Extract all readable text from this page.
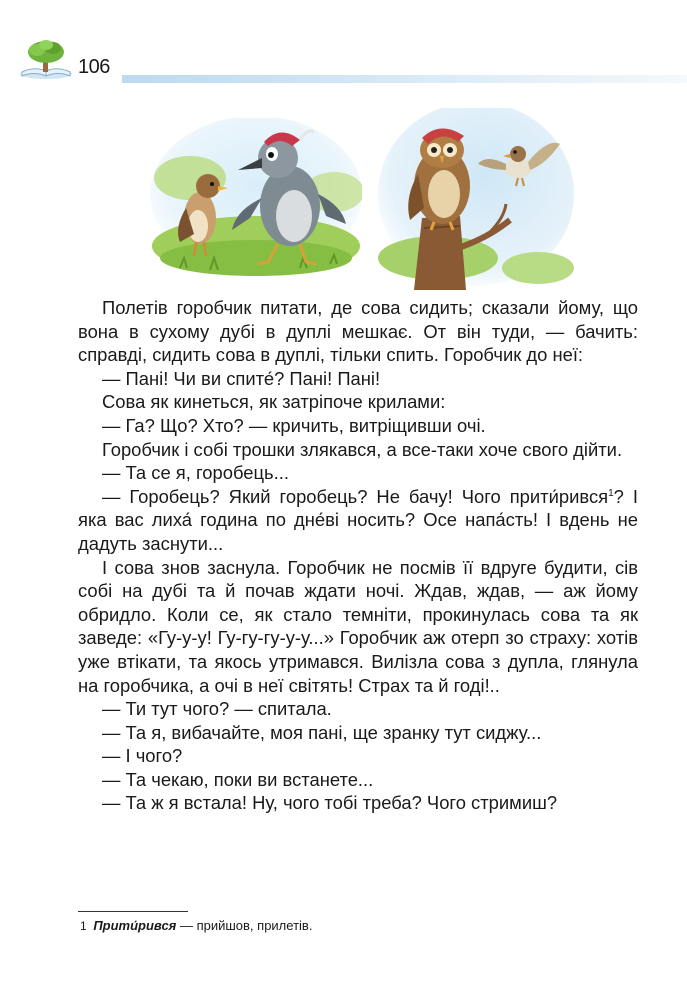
106

Полетів горобчик питати, де сова сидить; сказали йому, що вона в сухому дубі в дуплі мешкає. От він туди, — бачить: справді, сидить сова в дуплі, тільки спить. Горобчик до неї:

— Пані! Чи ви спите́? Пані! Пані!

Сова як кинеться, як затріпоче крилами:

— Га? Що? Хто? — кричить, витріщивши очі.

Горобчик і собі трошки злякався, а все-таки хоче свого дійти.

— Та се я, горобець...

— Горобець? Який горобець? Не бачу! Чого прити́рився$^1$? І яка вас лиха́ година по дне́ві носить? Осе напа́сть! І вдень не дадуть заснути...

І сова знов заснула. Горобчик не посмів її вдруге будити, сів собі на дубі та й почав ждати ночі. Ждав, ждав, — аж йому обридло. Коли се, як стало темніти, прокинулась сова та як заведе: «Гу-у-у! Гу-гу-гу-у-у...» Горобчик аж отерп зо страху: хотів уже втікати, та якось утримався. Вилізла сова з дупла, глянула на горобчика, а очі в неї світять! Страх та й годі!..

— Ти тут чого? — спитала.

— Та я, вибачайте, моя пані, ще зранку тут сиджу...

— І чого?

— Та чекаю, поки ви встанете...

— Та ж я встала! Ну, чого тобі треба? Чого стримиш?

1 Прити́рився — прийшов, прилетів.
